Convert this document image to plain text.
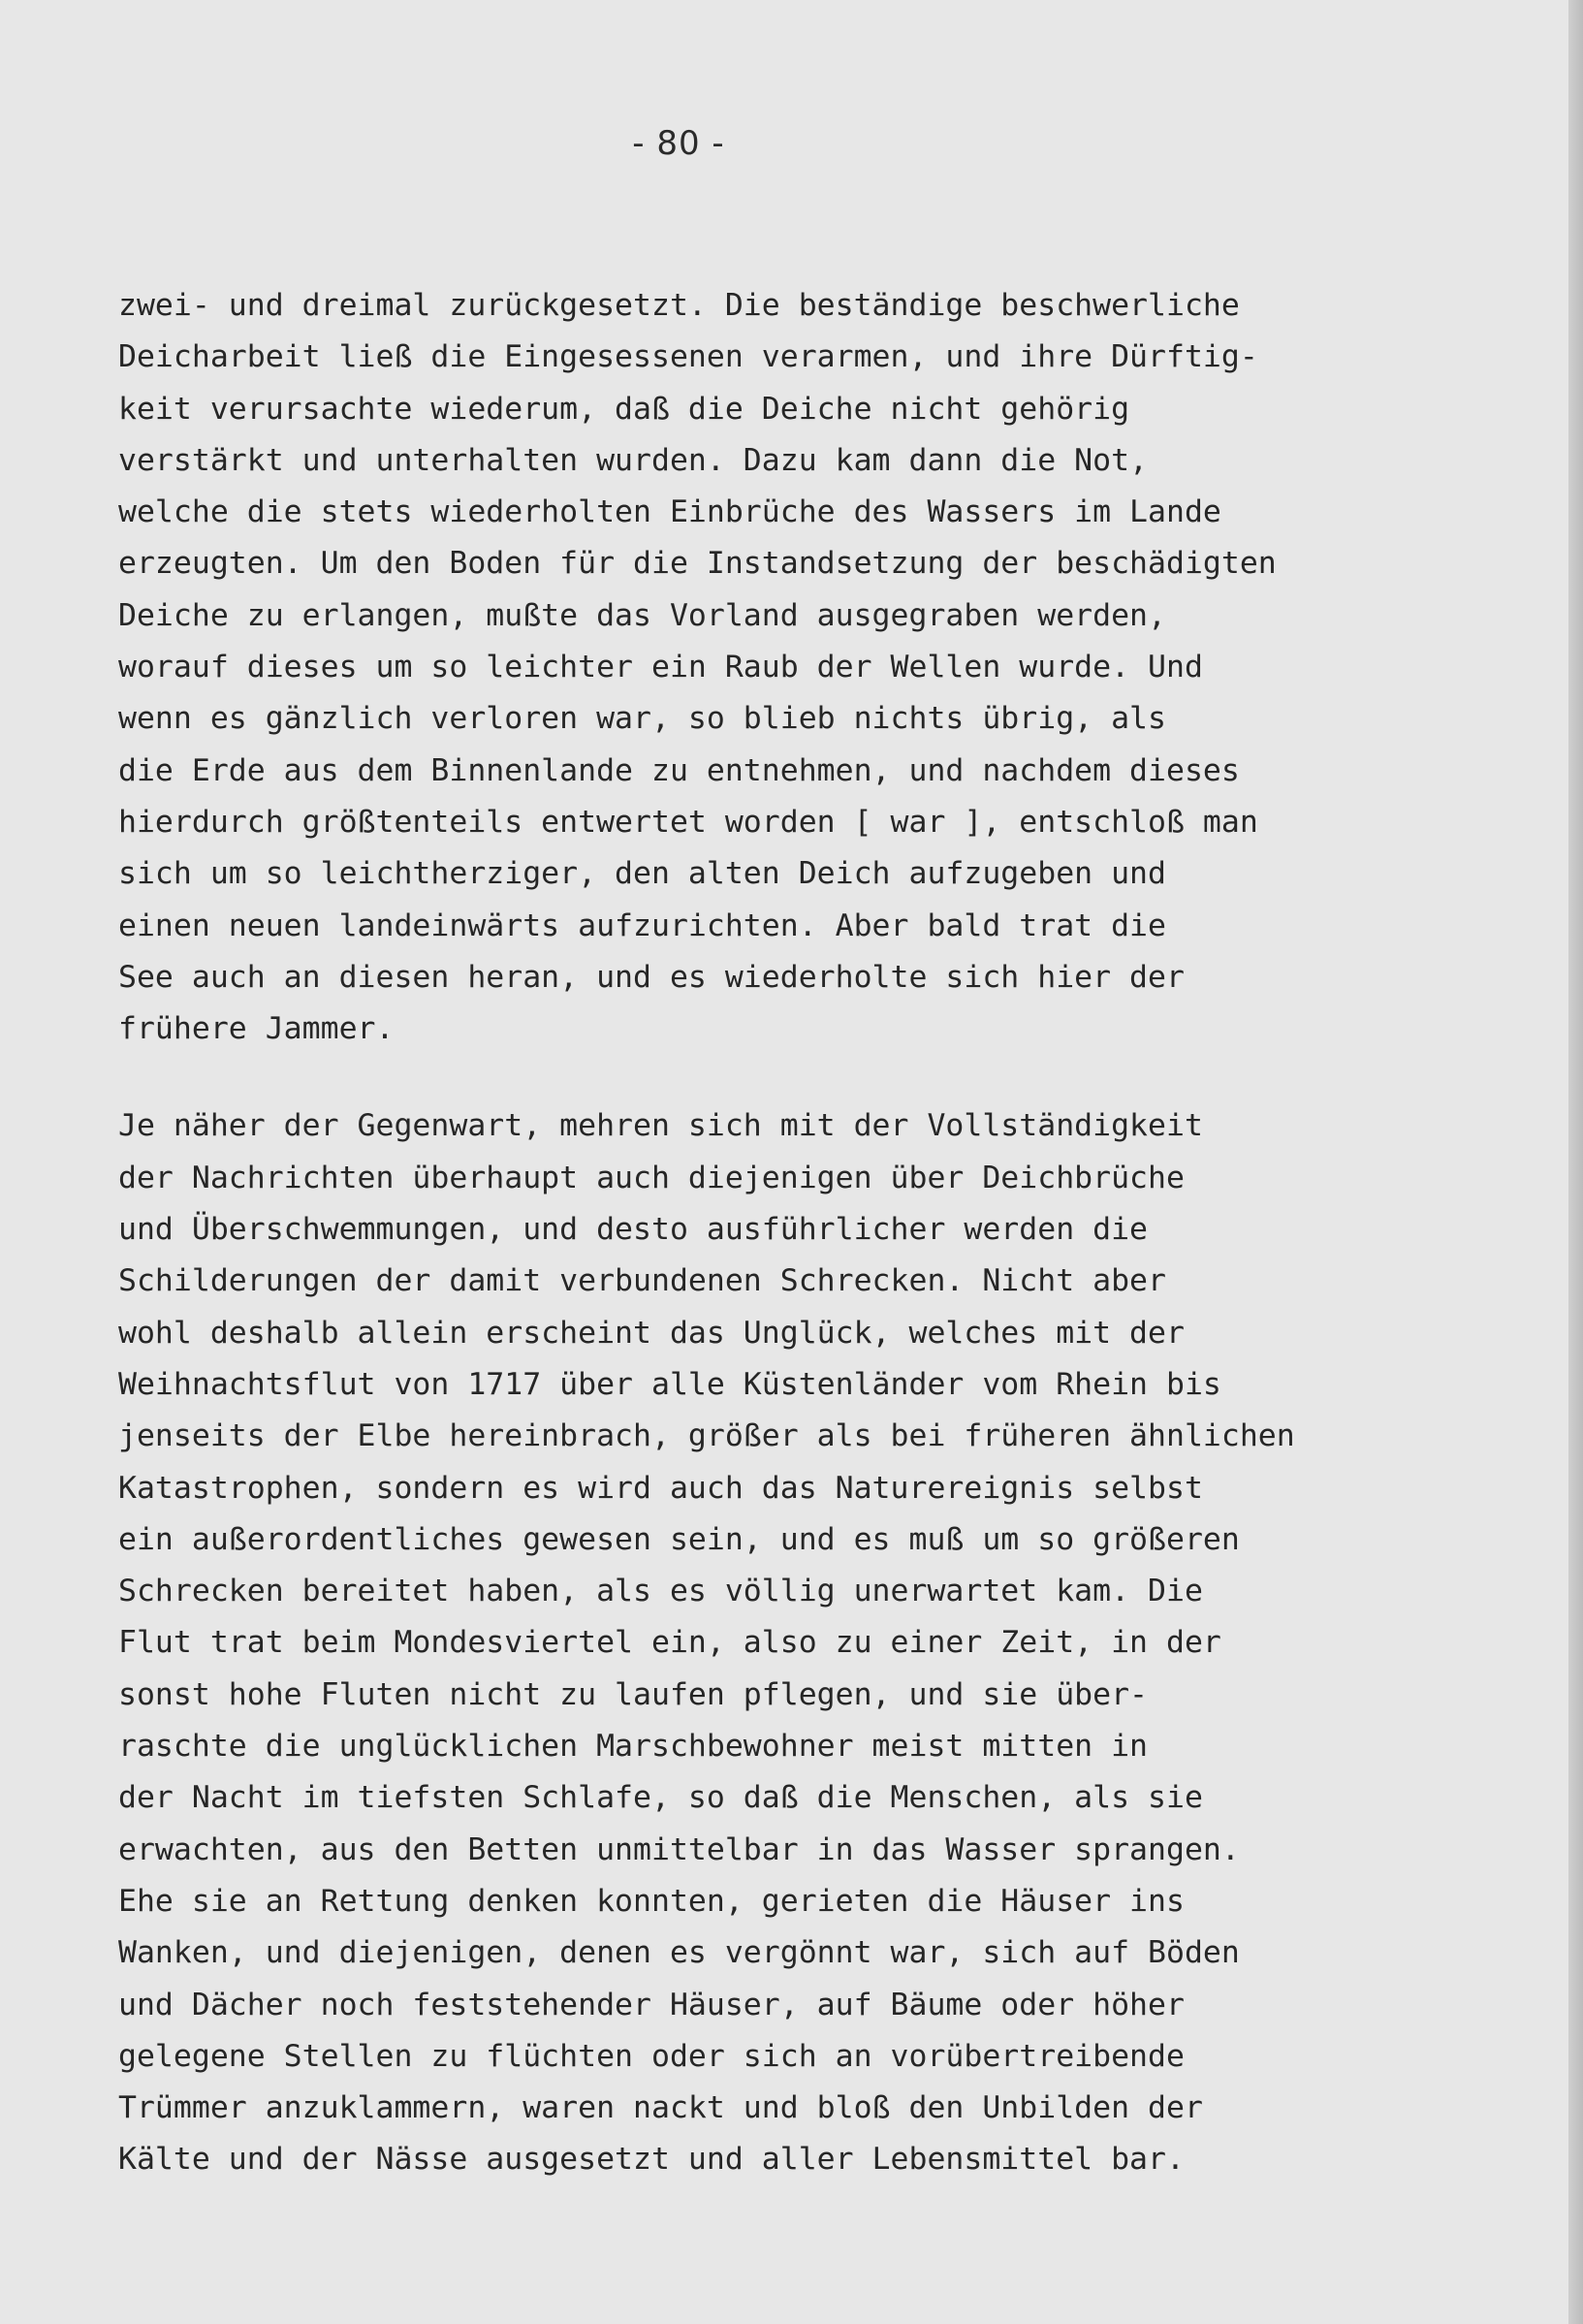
- 80 -
zwei- und dreimal zurückgesetzt. Die beständige beschwerliche
Deicharbeit ließ die Eingesessenen verarmen, und ihre Dürftig-
keit verursachte wiederum, daß die Deiche nicht gehörig
verstärkt und unterhalten wurden. Dazu kam dann die Not,
welche die stets wiederholten Einbrüche des Wassers im Lande
erzeugten. Um den Boden für die Instandsetzung der beschädigten
Deiche zu erlangen, mußte das Vorland ausgegraben werden,
worauf dieses um so leichter ein Raub der Wellen wurde. Und
wenn es gänzlich verloren war, so blieb nichts übrig, als
die Erde aus dem Binnenlande zu entnehmen, und nachdem dieses
hierdurch größtenteils entwertet worden [ war ], entschloß man
sich um so leichtherziger, den alten Deich aufzugeben und
einen neuen landeinwärts aufzurichten. Aber bald trat die
See auch an diesen heran, und es wiederholte sich hier der
frühere Jammer.
Je näher der Gegenwart, mehren sich mit der Vollständigkeit
der Nachrichten überhaupt auch diejenigen über Deichbrüche
und Überschwemmungen, und desto ausführlicher werden die
Schilderungen der damit verbundenen Schrecken. Nicht aber
wohl deshalb allein erscheint das Unglück, welches mit der
Weihnachtsflut von 1717 über alle Küstenländer vom Rhein bis
jenseits der Elbe hereinbrach, größer als bei früheren ähnlichen
Katastrophen, sondern es wird auch das Naturereignis selbst
ein außerordentliches gewesen sein, und es muß um so größeren
Schrecken bereitet haben, als es völlig unerwartet kam. Die
Flut trat beim Mondesviertel ein, also zu einer Zeit, in der
sonst hohe Fluten nicht zu laufen pflegen, und sie über-
raschte die unglücklichen Marschbewohner meist mitten in
der Nacht im tiefsten Schlafe, so daß die Menschen, als sie
erwachten, aus den Betten unmittelbar in das Wasser sprangen.
Ehe sie an Rettung denken konnten, gerieten die Häuser ins
Wanken, und diejenigen, denen es vergönnt war, sich auf Böden
und Dächer noch feststehender Häuser, auf Bäume oder höher
gelegene Stellen zu flüchten oder sich an vorübertreibende
Trümmer anzuklammern, waren nackt und bloß den Unbilden der
Kälte und der Nässe ausgesetzt und aller Lebensmittel bar.
